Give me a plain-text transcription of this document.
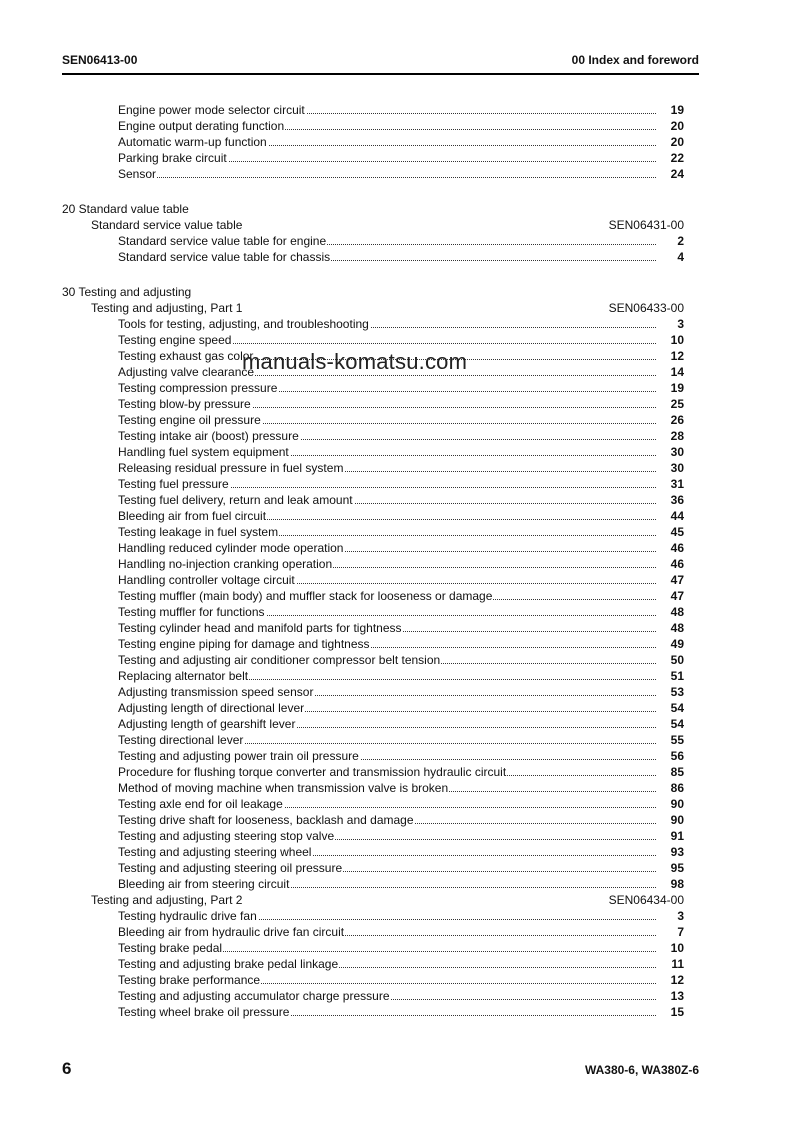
SEN06413-00	00 Index and foreword
manuals-komatsu.com
Engine power mode selector circuit	19
Engine output derating function	20
Automatic warm-up function	20
Parking brake circuit	22
Sensor	24
20 Standard value table
Standard service value table	SEN06431-00
Standard service value table for engine	2
Standard service value table for chassis	4
30 Testing and adjusting
Testing and adjusting, Part 1	SEN06433-00
Tools for testing, adjusting, and troubleshooting	3
Testing engine speed	10
Testing exhaust gas color	12
Adjusting valve clearance	14
Testing compression pressure	19
Testing blow-by pressure	25
Testing engine oil pressure	26
Testing intake air (boost) pressure	28
Handling fuel system equipment	30
Releasing residual pressure in fuel system	30
Testing fuel pressure	31
Testing fuel delivery, return and leak amount	36
Bleeding air from fuel circuit	44
Testing leakage in fuel system	45
Handling reduced cylinder mode operation	46
Handling no-injection cranking operation	46
Handling controller voltage circuit	47
Testing muffler (main body) and muffler stack for looseness or damage	47
Testing muffler for functions	48
Testing cylinder head and manifold parts for tightness	48
Testing engine piping for damage and tightness	49
Testing and adjusting air conditioner compressor belt tension	50
Replacing alternator belt	51
Adjusting transmission speed sensor	53
Adjusting length of directional lever	54
Adjusting length of gearshift lever	54
Testing directional lever	55
Testing and adjusting power train oil pressure	56
Procedure for flushing torque converter and transmission hydraulic circuit	85
Method of moving machine when transmission valve is broken	86
Testing axle end for oil leakage	90
Testing drive shaft for looseness, backlash and damage	90
Testing and adjusting steering stop valve	91
Testing and adjusting steering wheel	93
Testing and adjusting steering oil pressure	95
Bleeding air from steering circuit	98
Testing and adjusting, Part 2	SEN06434-00
Testing hydraulic drive fan	3
Bleeding air from hydraulic drive fan circuit	7
Testing brake pedal	10
Testing and adjusting brake pedal linkage	11
Testing brake performance	12
Testing and adjusting accumulator charge pressure	13
Testing wheel brake oil pressure	15
6	WA380-6, WA380Z-6
